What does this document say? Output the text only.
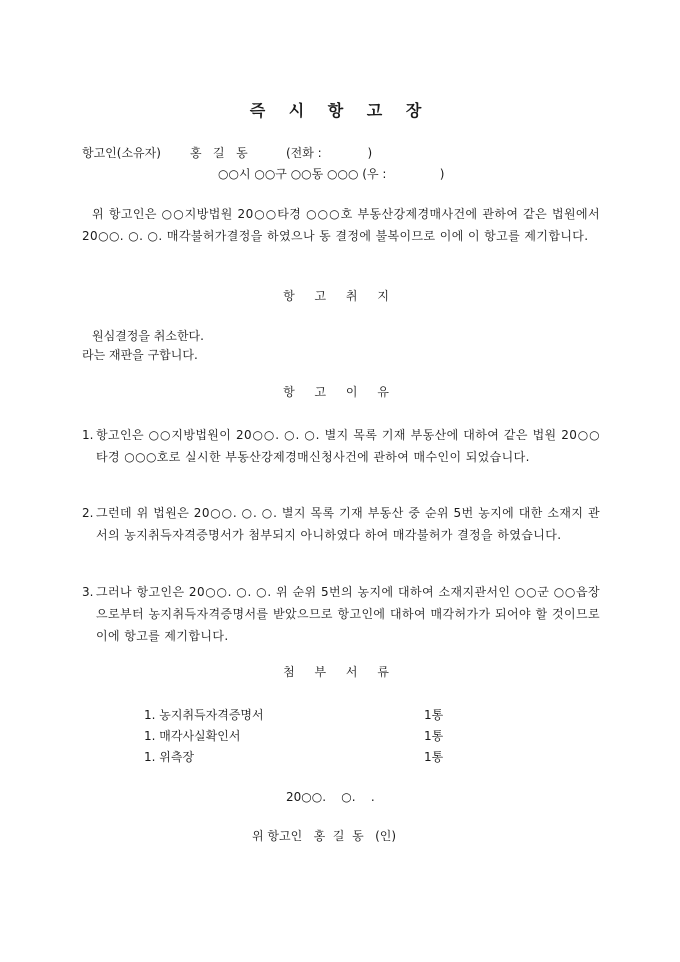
즉 시 항 고 장
항고인(소유자) 홍   길   동	(전화 :            )
○○시 ○○구 ○○동 ○○○ (우 :              )
위 항고인은 ○○지방법원 20○○타경 ○○○호 부동산강제경매사건에 관하여 같은 법원에서 20○○. ○. ○. 매각불허가결정을 하였으나 동 결정에 불복이므로 이에 이 항고를 제기합니다.
항 고 취 지
원심결정을 취소한다.
라는 재판을 구합니다.
항 고 이 유
1. 항고인은 ○○지방법원이 20○○. ○. ○. 별지 목록 기재 부동산에 대하여 같은 법원 20○○타경 ○○○호로 실시한 부동산강제경매신청사건에 관하여 매수인이 되었습니다.
2. 그런데 위 법원은 20○○. ○. ○. 별지 목록 기재 부동산 중 순위 5번 농지에 대한 소재지 관서의 농지취득자격증명서가 첨부되지 아니하였다 하여 매각불허가 결정을 하였습니다.
3. 그러나 항고인은 20○○. ○. ○. 위 순위 5번의 농지에 대하여 소재지관서인 ○○군 ○○읍장으로부터 농지취득자격증명서를 받았으므로 항고인에 대하여 매각허가가 되어야 할 것이므로 이에 항고를 제기합니다.
첨 부 서 류
1. 농지취득자격증명서	1통
1. 매각사실확인서	1통
1. 위측장	1통
20○○.    ○.    .
위 항고인   홍  길  동   (인)
